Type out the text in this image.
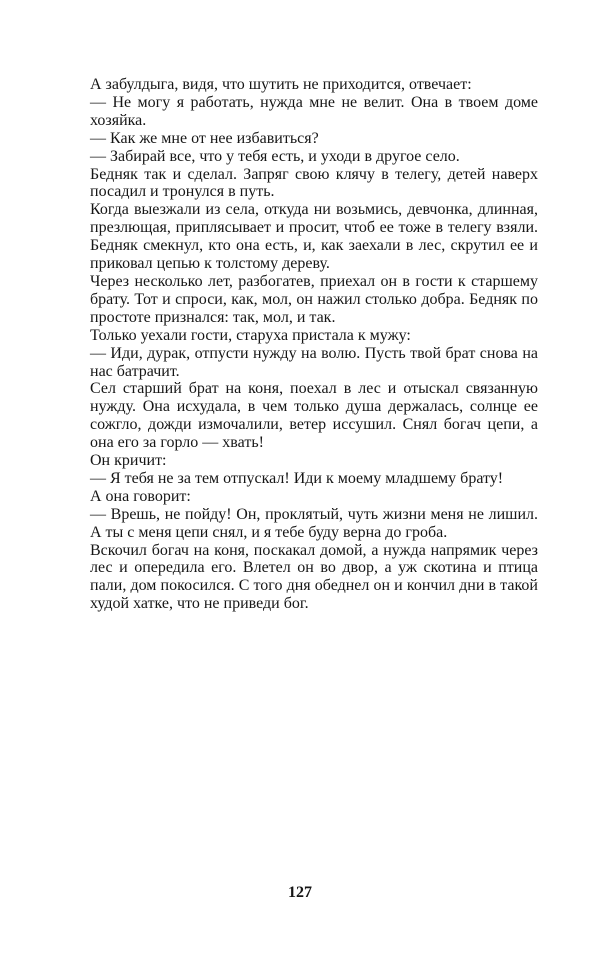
А забулдыга, видя, что шутить не приходится, отвечает:

— Не могу я работать, нужда мне не велит. Она в твоем доме хозяйка.

— Как же мне от нее избавиться?

— Забирай все, что у тебя есть, и уходи в другое село.

Бедняк так и сделал. Запряг свою клячу в телегу, детей наверх посадил и тронулся в путь.

Когда выезжали из села, откуда ни возьмись, девчонка, длинная, презлющая, приплясывает и просит, чтоб ее тоже в телегу взяли. Бедняк смекнул, кто она есть, и, как заехали в лес, скрутил ее и приковал цепью к толстому дереву.

Через несколько лет, разбогатев, приехал он в гости к старшему брату. Тот и спроси, как, мол, он нажил столько добра. Бедняк по простоте признался: так, мол, и так.

Только уехали гости, старуха пристала к мужу:

— Иди, дурак, отпусти нужду на волю. Пусть твой брат снова на нас батрачит.

Сел старший брат на коня, поехал в лес и отыскал связанную нужду. Она исхудала, в чем только душа держалась, солнце ее сожгло, дожди измочалили, ветер иссушил. Снял богач цепи, а она его за горло — хвать!

Он кричит:

— Я тебя не за тем отпускал! Иди к моему младшему брату!

А она говорит:

— Врешь, не пойду! Он, проклятый, чуть жизни меня не лишил. А ты с меня цепи снял, и я тебе буду верна до гроба.

Вскочил богач на коня, поскакал домой, а нужда напрямик через лес и опередила его. Влетел он во двор, а уж скотина и птица пали, дом покосился. С того дня обеднел он и кончил дни в такой худой хатке, что не приведи бог.

127
